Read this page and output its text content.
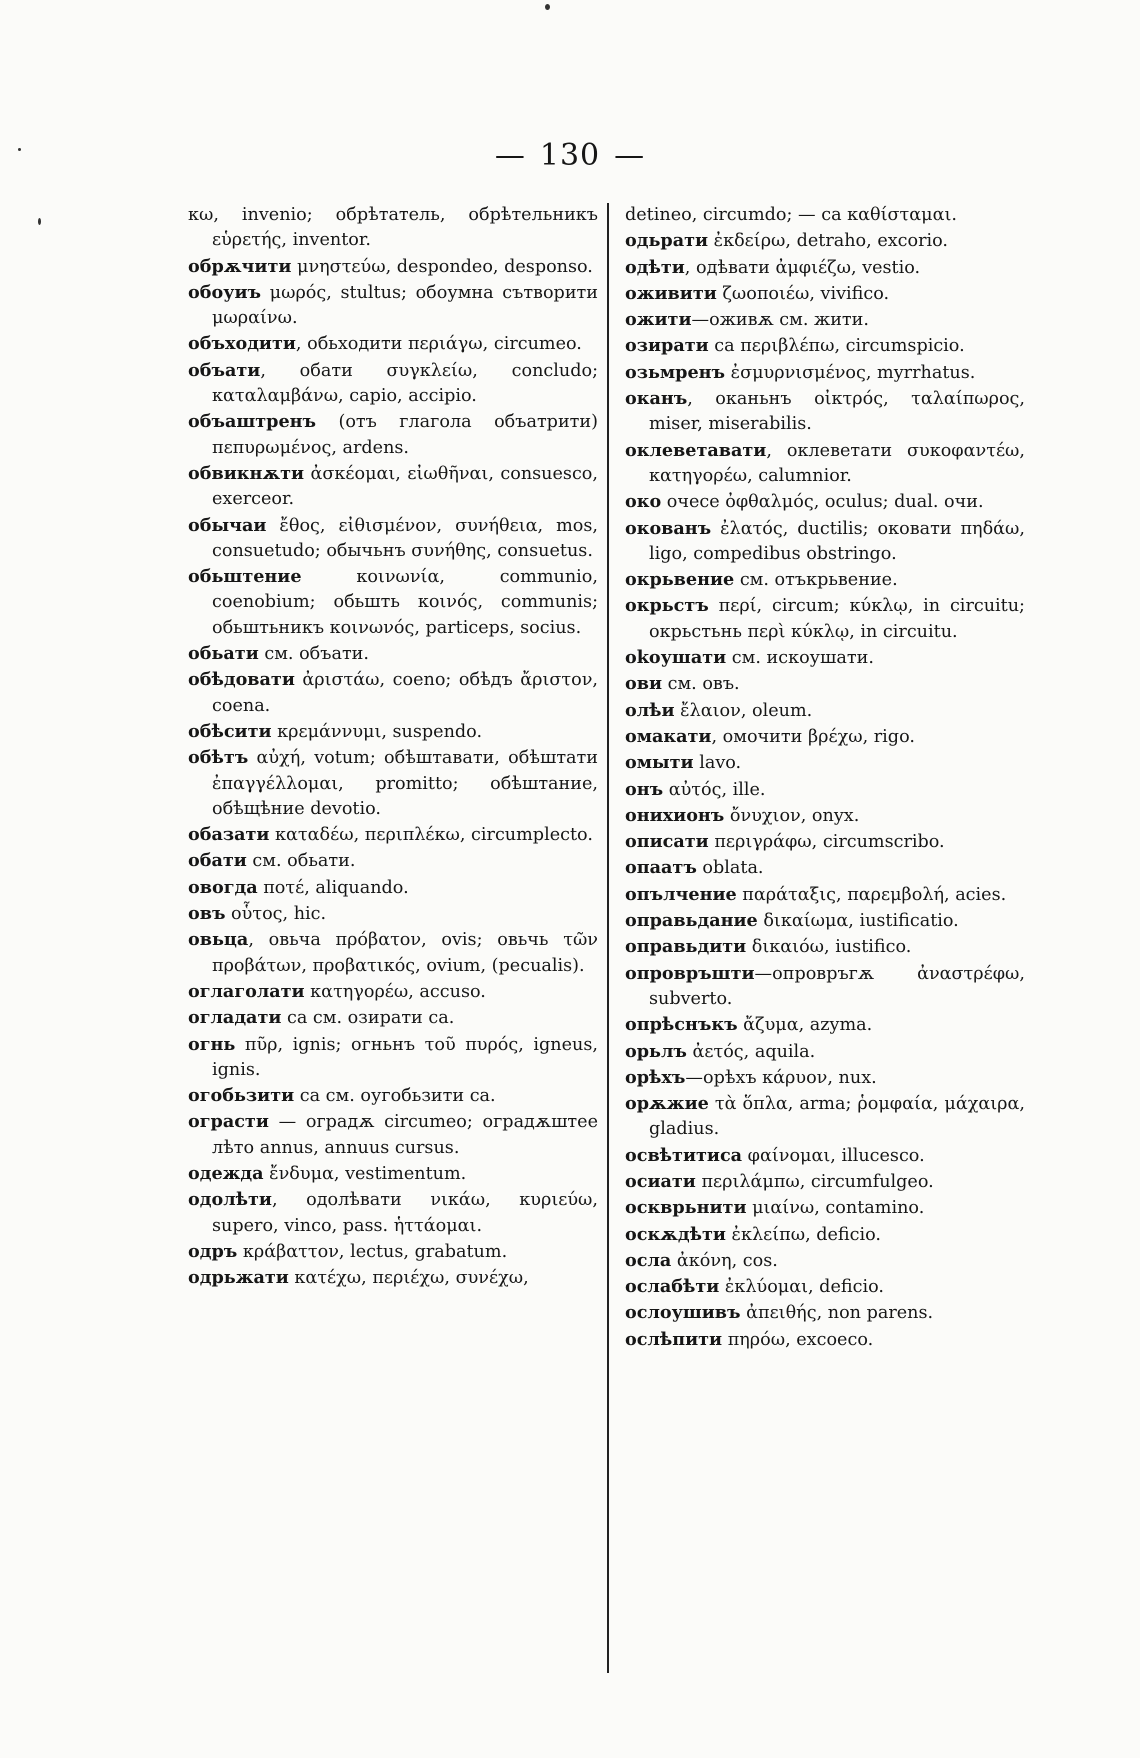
— 130 —

кω, invenio; обрѣтатель, обрѣтельникъ εὑρετής, inventor.

обрѫчити μνηστεύω, despondeo, desponso.

обоуиъ μωρός, stultus; обоумна сътворити μωραίνω.

объходити, обьходити περιάγω, circumeo.

объати, обати συγκλείω, concludo; καταλαμβάνω, capio, accipio.

объаштренъ (отъ глагола объатрити) πεπυρωμένος, ardens.

обвикнѫти ἀσκέομαι, εἰωθῆναι, consuesco, exerceor.

обычаи ἔθος, εἰθισμένον, συνήθεια, mos, consuetudo; обычьнъ συνήθης, consuetus.

обьштение κοινωνία, communio, coenobium; обьшть κοινός, communis; обьштьникъ κοινωνός, particeps, socius.

обьати см. объати.

обѣдовати ἀριστάω, coeno; обѣдъ ἄριστον, coena.

обѣсити κρεμάννυμι, suspendo.

обѣтъ αὐχή, votum; обѣштавати, обѣштати ἐπαγγέλλομαι, promitto; обѣштание, обѣщѣние devotio.

обазати καταδέω, περιπλέκω, circumplecto.

обати см. обьати.

овогда ποτέ, aliquando.

овъ οὗτος, hic.

овьца, овьча πρόβατον, ovis; овьчь τῶν προβάτων, προβατικός, ovium, (pecualis).

оглаголати κατηγορέω, accuso.

огладати са см. озирати са.

огнь πῦρ, ignis; огньнъ τοῦ πυρός, igneus, ignis.

огобьзити са см. оугобьзити са.

ограсти — оградѫ circumeo; оградѫштее лѣто annus, annuus cursus.

одежда ἔνδυμα, vestimentum.

одолѣти, одолѣвати νικάω, κυριεύω, supero, vinco, pass. ἡττάομαι.

одръ κράβαττον, lectus, grabatum.

одрьжати κατέχω, περιέχω, συνέχω,

detineo, circumdo; — са καθίσταμαι.

одьрати ἐκδείρω, detraho, excorio.

одѣти, одѣвати ἀμφιέζω, vestio.

оживити ζωοποιέω, vivifico.

ожити—оживѫ см. жити.

озирати са περιβλέπω, circumspicio.

озьмренъ ἐσμυρνισμένος, myrrhatus.

оканъ, оканьнъ οἰκτρός, ταλαίπωρος, miser, miserabilis.

оклеветавати, оклеветати συκοφαντέω, κατηγορέω, calumnior.

око очесе ὀφθαλμός, oculus; dual. очи.

окованъ ἐλατός, ductilis; оковати πηδάω, ligo, compedibus obstringo.

окрьвение см. отъкрьвение.

окрьстъ περί, circum; κύκλῳ, in circuitu; окрьстьнь περὶ κύκλῳ, in circuitu.

оkоушати см. искоушати.

ови см. овъ.

олѣи ἔλαιον, oleum.

омакати, омочити βρέχω, rigo.

омыти lavo.

онъ αὐτός, ille.

онихионъ ὄνυχιον, onyx.

описати περιγράφω, circumscribo.

опаатъ oblata.

опълчение παράταξις, παρεμβολή, acies.

оправьдание δικαίωμα, iustificatio.

оправьдити δικαιόω, iustifico.

опровръшти—опровръгѫ ἀναστρέφω, subverto.

опрѣснъкъ ἄζυμα, azyma.

орьлъ ἀετός, aquila.

орѣхъ—орѣхъ κάρυον, nux.

орѫжие τὰ ὅπλα, arma; ῥομφαία, μάχαιρα, gladius.

освѣтитиса φαίνομαι, illucesco.

осиати περιλάμπω, circumfulgeo.

оскврьнити μιαίνω, contamino.

оскѫдѣти ἐκλείπω, deficio.

осла ἀκόνη, cos.

ослабѣти ἐκλύομαι, deficio.

ослоушивъ ἀπειθής, non parens.

ослѣпити πηρόω, excoeco.
